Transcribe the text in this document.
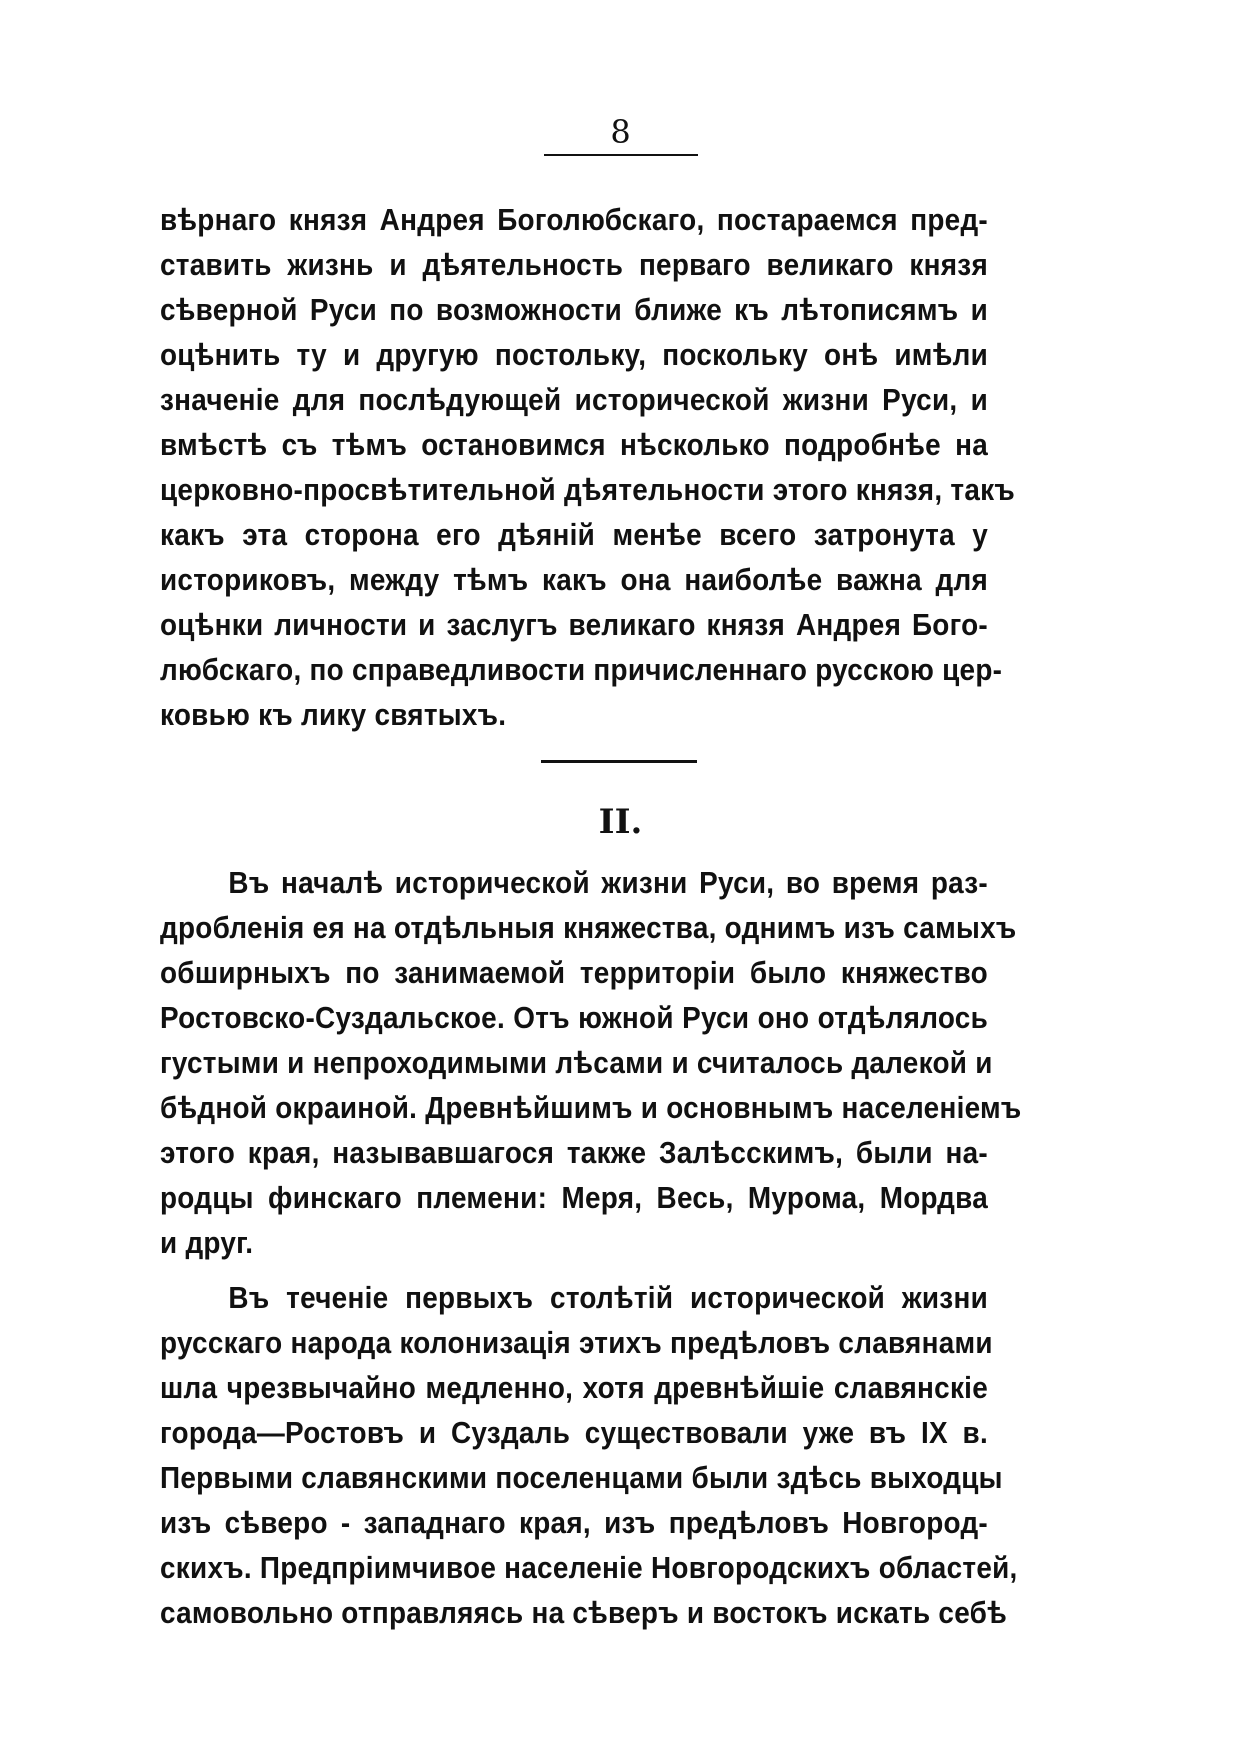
8
вѣрнаго князя Андрея Боголюбскаго, постараемся пред-
ставить жизнь и дѣятельность перваго великаго князя
сѣверной Руси по возможности ближе къ лѣтописямъ и
оцѣнить ту и другую постольку, поскольку онѣ имѣли
значеніе для послѣдующей исторической жизни Руси, и
вмѣстѣ съ тѣмъ остановимся нѣсколько подробнѣе на
церковно-просвѣтительной дѣятельности этого князя, такъ
какъ эта сторона его дѣяній менѣе всего затронута у
историковъ, между тѣмъ какъ она наиболѣе важна для
оцѣнки личности и заслугъ великаго князя Андрея Бого-
любскаго, по справедливости причисленнаго русскою цер-
ковью къ лику святыхъ.
II.
Въ началѣ исторической жизни Руси, во время раз-
дробленія ея на отдѣльныя княжества, однимъ изъ самыхъ
обширныхъ по занимаемой территоріи было княжество
Ростовско-Суздальское. Отъ южной Руси оно отдѣлялось
густыми и непроходимыми лѣсами и считалось далекой и
бѣдной окраиной. Древнѣйшимъ и основнымъ населеніемъ
этого края, называвшагося также Залѣсскимъ, были на-
родцы финскаго племени: Меря, Весь, Мурома, Мордва
и друг.
Въ теченіе первыхъ столѣтій исторической жизни
русскаго народа колонизація этихъ предѣловъ славянами
шла чрезвычайно медленно, хотя древнѣйшіе славянскіе
города—Ростовъ и Суздаль существовали уже въ IX в.
Первыми славянскими поселенцами были здѣсь выходцы
изъ сѣверо - западнаго края, изъ предѣловъ Новгород-
скихъ. Предпріимчивое населеніе Новгородскихъ областей,
самовольно отправляясь на сѣверъ и востокъ искать себѣ
